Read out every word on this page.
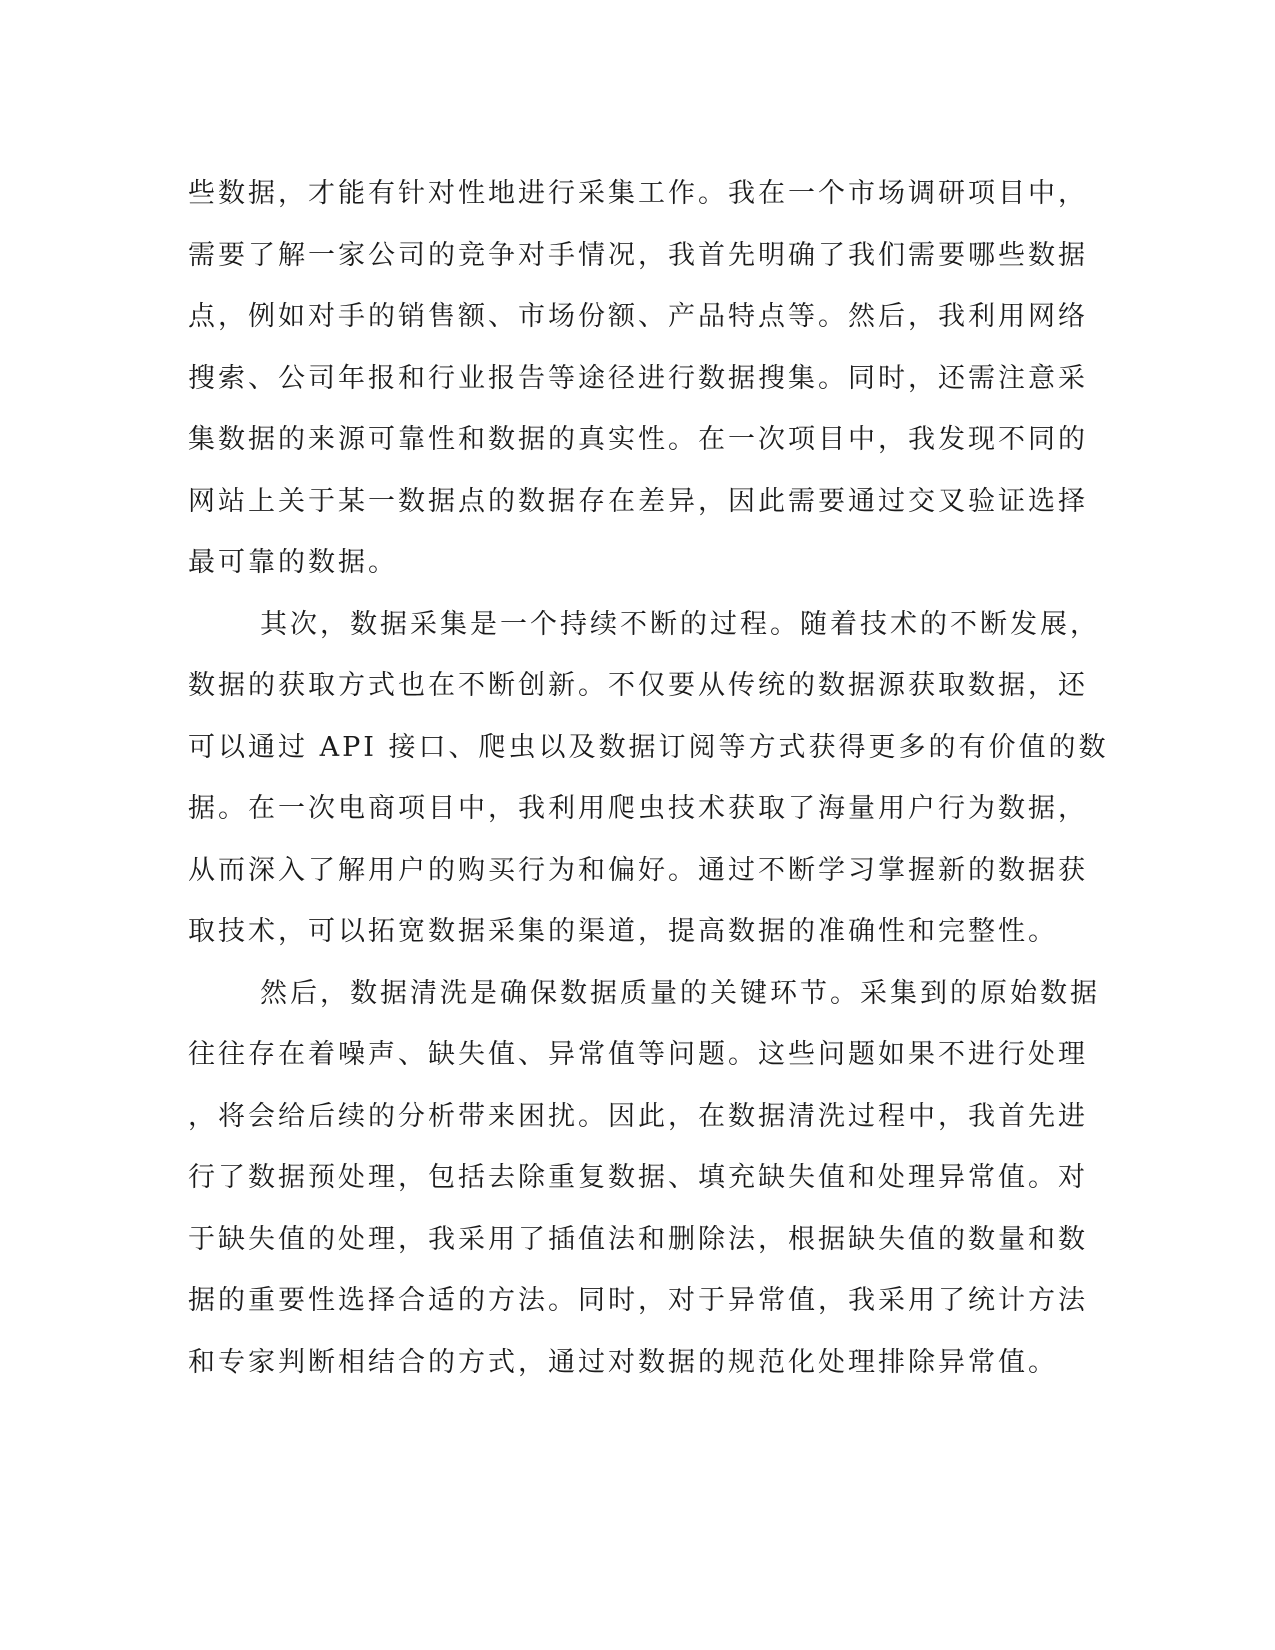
些数据，才能有针对性地进行采集工作。我在一个市场调研项目中，
需要了解一家公司的竞争对手情况，我首先明确了我们需要哪些数据
点，例如对手的销售额、市场份额、产品特点等。然后，我利用网络
搜索、公司年报和行业报告等途径进行数据搜集。同时，还需注意采
集数据的来源可靠性和数据的真实性。在一次项目中，我发现不同的
网站上关于某一数据点的数据存在差异，因此需要通过交叉验证选择
最可靠的数据。
其次，数据采集是一个持续不断的过程。随着技术的不断发展，
数据的获取方式也在不断创新。不仅要从传统的数据源获取数据，还
可以通过 API 接口、爬虫以及数据订阅等方式获得更多的有价值的数
据。在一次电商项目中，我利用爬虫技术获取了海量用户行为数据，
从而深入了解用户的购买行为和偏好。通过不断学习掌握新的数据获
取技术，可以拓宽数据采集的渠道，提高数据的准确性和完整性。
然后，数据清洗是确保数据质量的关键环节。采集到的原始数据
往往存在着噪声、缺失值、异常值等问题。这些问题如果不进行处理
，将会给后续的分析带来困扰。因此，在数据清洗过程中，我首先进
行了数据预处理，包括去除重复数据、填充缺失值和处理异常值。对
于缺失值的处理，我采用了插值法和删除法，根据缺失值的数量和数
据的重要性选择合适的方法。同时，对于异常值，我采用了统计方法
和专家判断相结合的方式，通过对数据的规范化处理排除异常值。
